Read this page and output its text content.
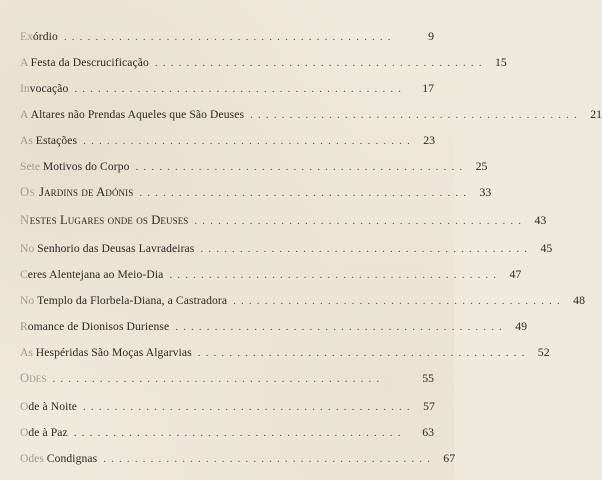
Exórdio . . . . . . . . . . . . . . . . . . . . . . . . . . . . . . . . . . . . . . . . . .	9
A Festa da Descrucificação . . . . . . . . . . . . . . . . . . . . . . . . . . . . . . . . . . . . . . . . . .	15
Invocação . . . . . . . . . . . . . . . . . . . . . . . . . . . . . . . . . . . . . . . . . .	17
A Altares não Prendas Aqueles que São Deuses . . . . . . . . . . . . . . . . . . . . . . . . . . . . . . . . . . . . . . . . . .	21
As Estações . . . . . . . . . . . . . . . . . . . . . . . . . . . . . . . . . . . . . . . . . .	23
Sete Motivos do Corpo . . . . . . . . . . . . . . . . . . . . . . . . . . . . . . . . . . . . . . . . . .	25
Os Jardins de Adónis . . . . . . . . . . . . . . . . . . . . . . . . . . . . . . . . . . . . . . . . . .	33
Nestes Lugares onde os Deuses . . . . . . . . . . . . . . . . . . . . . . . . . . . . . . . . . . . . . . . . . .	43
No Senhorio das Deusas Lavradeiras . . . . . . . . . . . . . . . . . . . . . . . . . . . . . . . . . . . . . . . . . .	45
Ceres Alentejana ao Meio-Dia . . . . . . . . . . . . . . . . . . . . . . . . . . . . . . . . . . . . . . . . . .	47
No Templo da Florbela-Diana, a Castradora . . . . . . . . . . . . . . . . . . . . . . . . . . . . . . . . . . . . . . . . . .	48
Romance de Dionisos Duriense . . . . . . . . . . . . . . . . . . . . . . . . . . . . . . . . . . . . . . . . . .	49
As Hespéridas São Moças Algarvias . . . . . . . . . . . . . . . . . . . . . . . . . . . . . . . . . . . . . . . . . .	52
Odes . . . . . . . . . . . . . . . . . . . . . . . . . . . . . . . . . . . . . . . . . .	55
Ode à Noite . . . . . . . . . . . . . . . . . . . . . . . . . . . . . . . . . . . . . . . . . .	57
Ode à Paz . . . . . . . . . . . . . . . . . . . . . . . . . . . . . . . . . . . . . . . . . .	63
Odes Condignas . . . . . . . . . . . . . . . . . . . . . . . . . . . . . . . . . . . . . . . . . .	67
